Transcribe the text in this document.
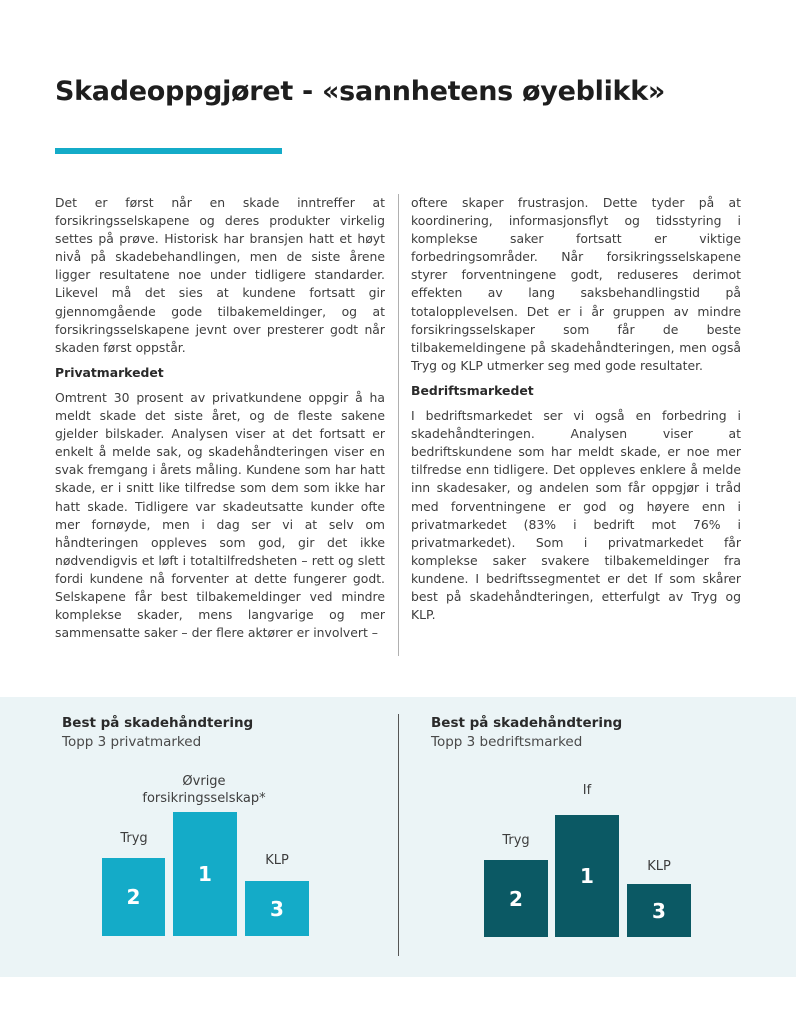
Skadeoppgjøret - «sannhetens øyeblikk»

Det er først når en skade inntreffer at forsikringsselskapene og deres produkter virkelig settes på prøve. Historisk har bransjen hatt et høyt nivå på skadebehandlingen, men de siste årene ligger resultatene noe under tidligere standarder. Likevel må det sies at kundene fortsatt gir gjennomgående gode tilbakemeldinger, og at forsikringsselskapene jevnt over presterer godt når skaden først oppstår.

Privatmarkedet

Omtrent 30 prosent av privatkundene oppgir å ha meldt skade det siste året, og de fleste sakene gjelder bilskader. Analysen viser at det fortsatt er enkelt å melde sak, og skadehåndteringen viser en svak fremgang i årets måling. Kundene som har hatt skade, er i snitt like tilfredse som dem som ikke har hatt skade. Tidligere var skadeutsatte kunder ofte mer fornøyde, men i dag ser vi at selv om håndteringen oppleves som god, gir det ikke nødvendigvis et løft i totaltilfredsheten – rett og slett fordi kundene nå forventer at dette fungerer godt. Selskapene får best tilbakemeldinger ved mindre komplekse skader, mens langvarige og mer sammensatte saker – der flere aktører er involvert –

oftere skaper frustrasjon. Dette tyder på at koordinering, informasjonsflyt og tidsstyring i komplekse saker fortsatt er viktige forbedringsområder. Når forsikringsselskapene styrer forventningene godt, reduseres derimot effekten av lang saksbehandlingstid på totalopplevelsen. Det er i år gruppen av mindre forsikringsselskaper som får de beste tilbakemeldingene på skadehåndteringen, men også Tryg og KLP utmerker seg med gode resultater.

Bedriftsmarkedet

I bedriftsmarkedet ser vi også en forbedring i skadehåndteringen. Analysen viser at bedriftskundene som har meldt skade, er noe mer tilfredse enn tidligere. Det oppleves enklere å melde inn skadesaker, og andelen som får oppgjør i tråd med forventningene er god og høyere enn i privatmarkedet (83% i bedrift mot 76% i privatmarkedet). Som i privatmarkedet får komplekse saker svakere tilbakemeldinger fra kundene. I bedriftssegmentet er det If som skårer best på skadehåndteringen, etterfulgt av Tryg og KLP.

Best på skadehåndtering
Topp 3 privatmarked
Tryg
Øvrige forsikringsselskap*
KLP
2
1
3
Best på skadehåndtering
Topp 3 bedriftsmarked
Tryg
If
KLP
2
1
3
